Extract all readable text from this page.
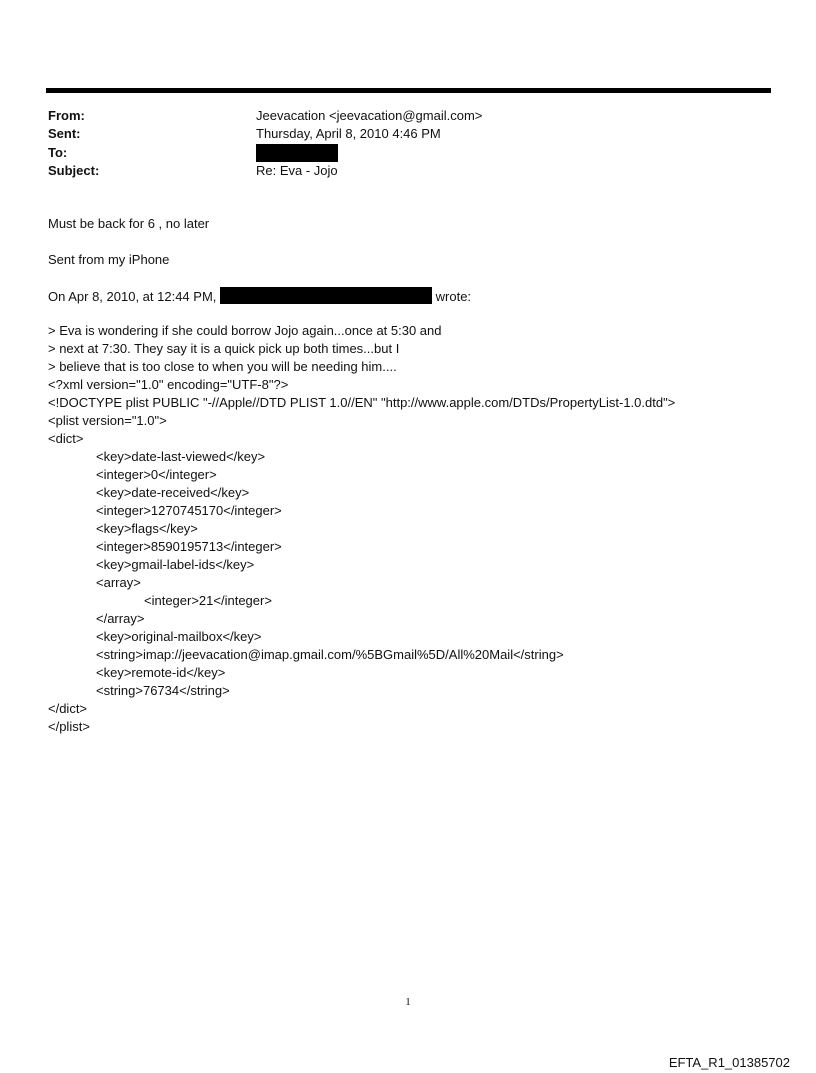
From:	Jeevacation <jeevacation@gmail.com>
Sent:	Thursday, April 8, 2010 4:46 PM
To:
Subject:	Re: Eva - Jojo
Must be back for 6 , no later
Sent from my iPhone
On Apr 8, 2010, at 12:44 PM,	wrote:
> Eva is wondering if she could borrow Jojo again...once at 5:30 and
> next at 7:30. They say it is a quick pick up both times...but I
> believe that is too close to when you will be needing him....
<?xml version="1.0" encoding="UTF-8"?>
<!DOCTYPE plist PUBLIC "-//Apple//DTD PLIST 1.0//EN" "http://www.apple.com/DTDs/PropertyList-1.0.dtd">
<plist version="1.0">
<dict>
<key>date-last-viewed</key>
<integer>0</integer>
<key>date-received</key>
<integer>1270745170</integer>
<key>flags</key>
<integer>8590195713</integer>
<key>gmail-label-ids</key>
<array>
<integer>21</integer>
</array>
<key>original-mailbox</key>
<string>imap://jeevacation@imap.gmail.com/%5BGmail%5D/All%20Mail</string>
<key>remote-id</key>
<string>76734</string>
</dict>
</plist>
1
EFTA_R1_01385702
